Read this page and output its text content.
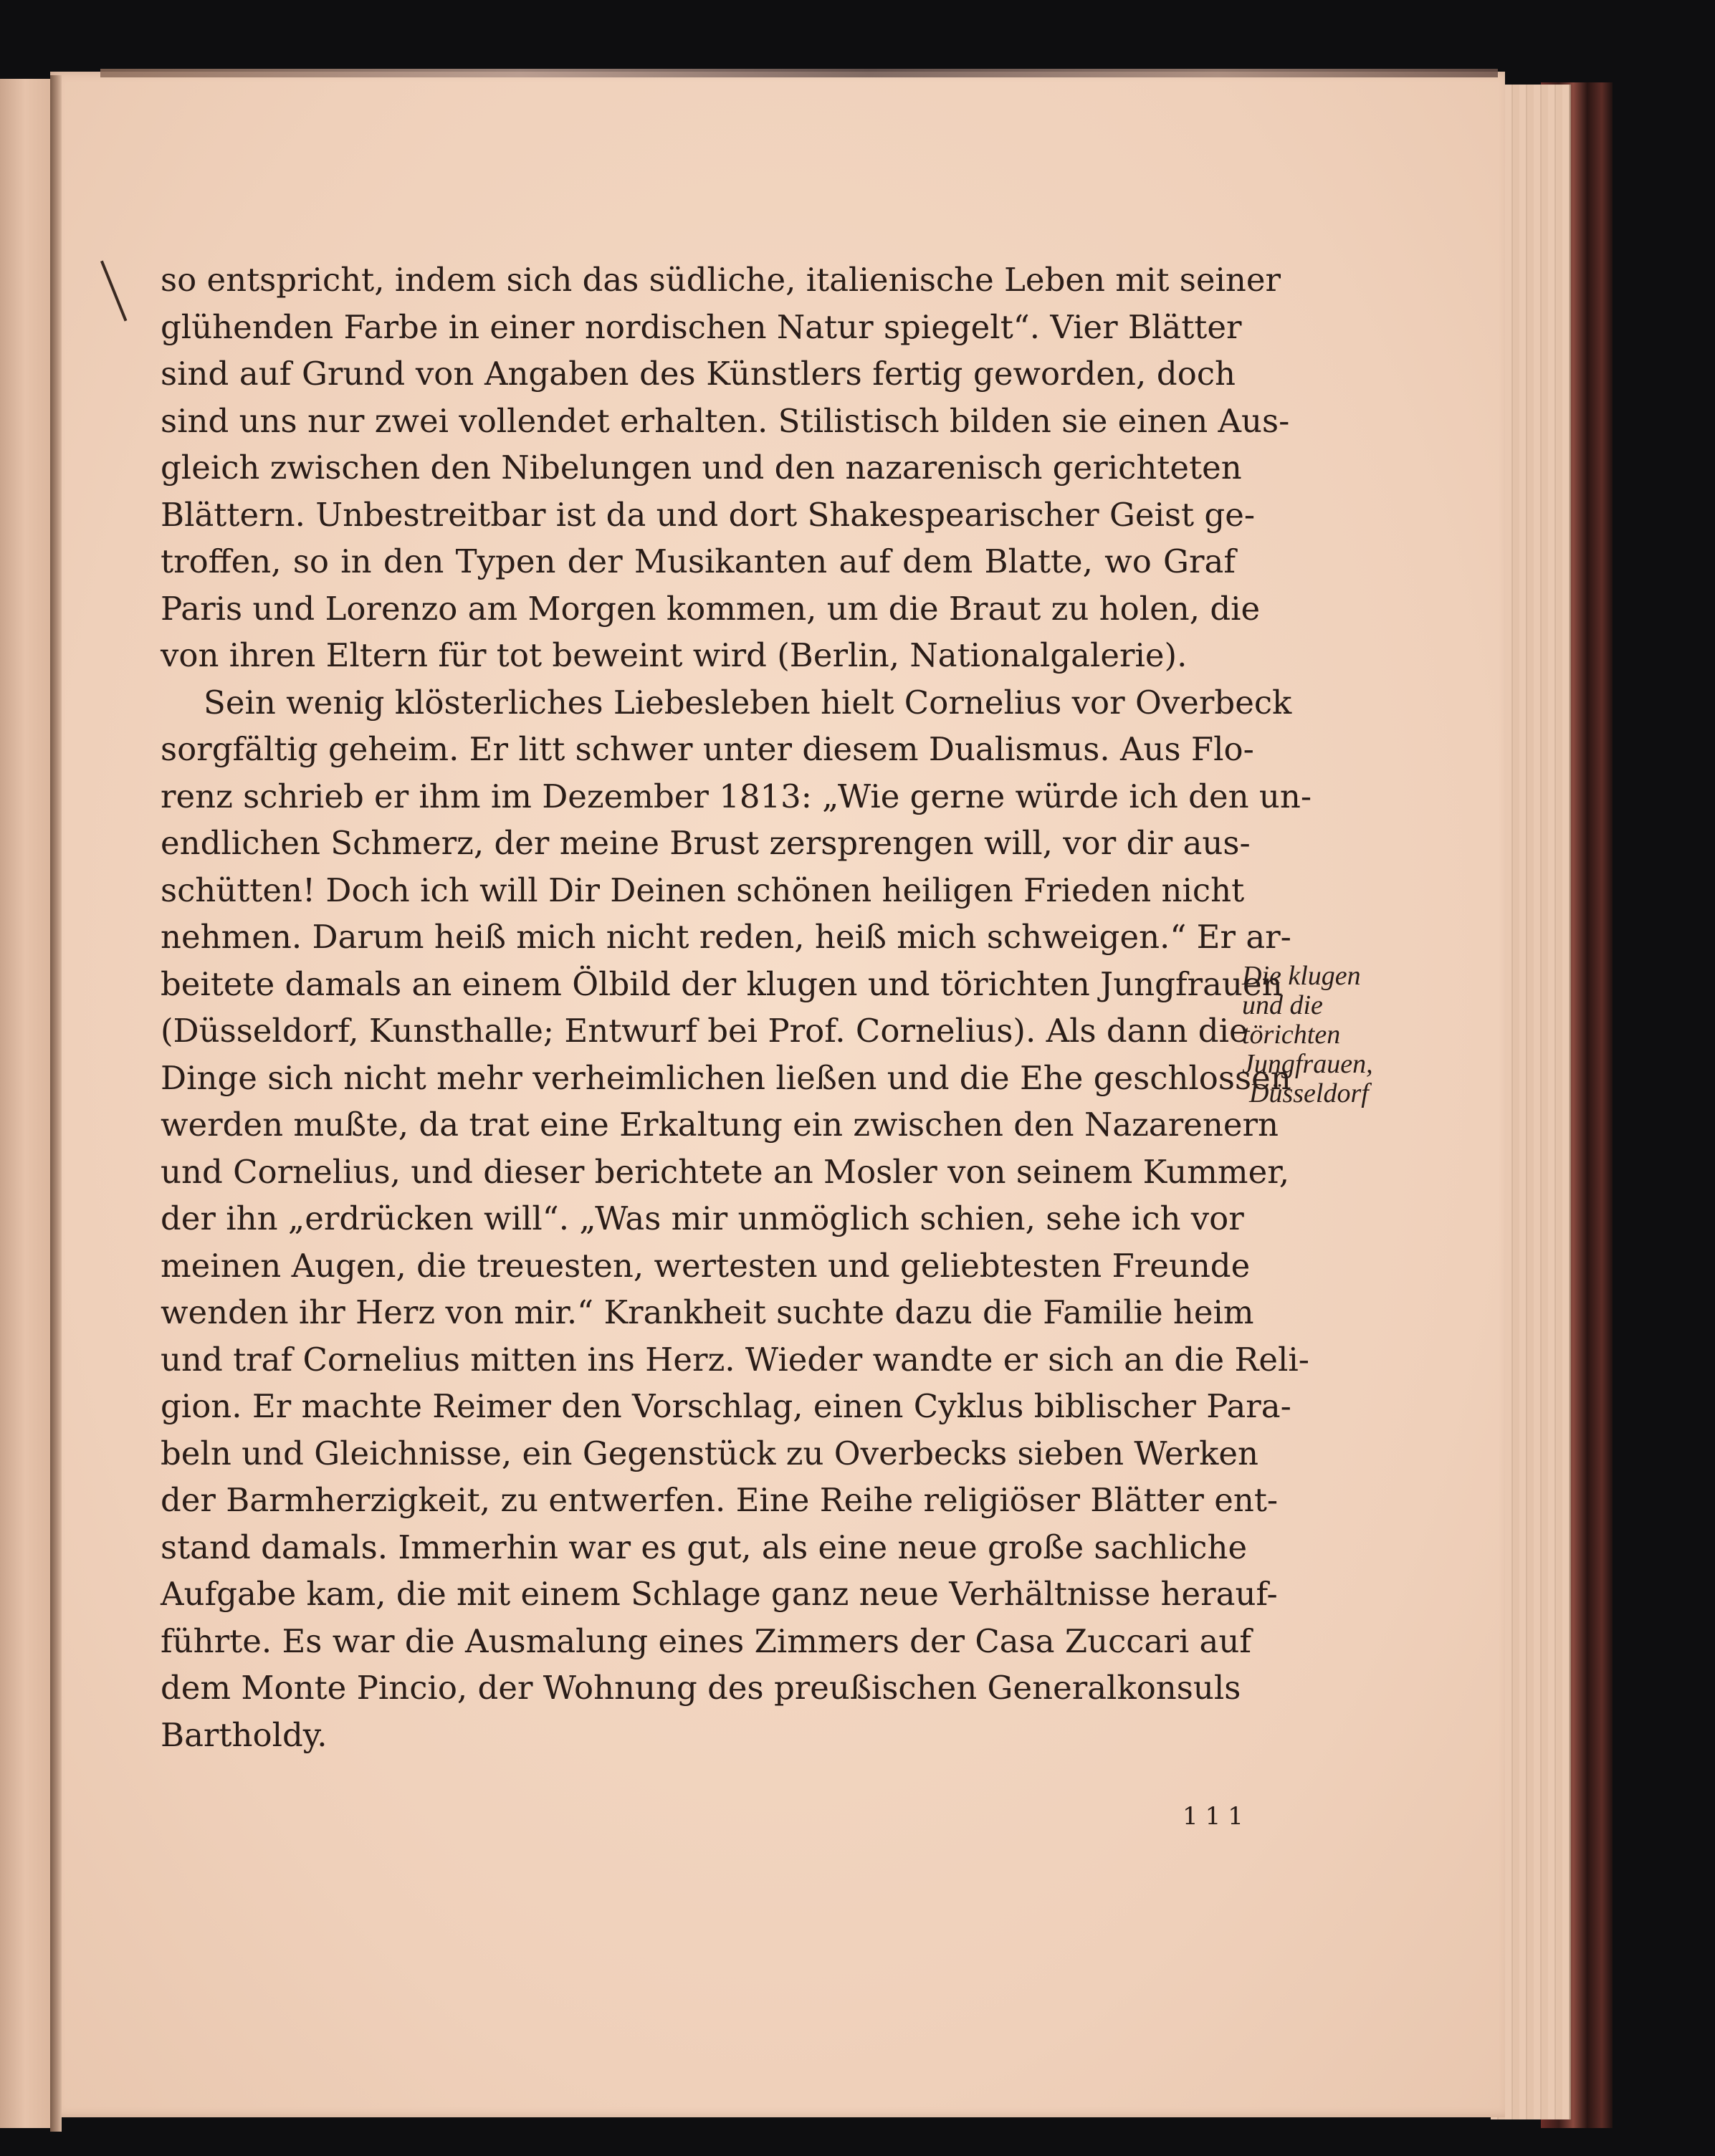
so entspricht, indem sich das südliche, italienische Leben mit seiner
glühenden Farbe in einer nordischen Natur spiegelt“. Vier Blätter
sind auf Grund von Angaben des Künstlers fertig geworden, doch
sind uns nur zwei vollendet erhalten. Stilistisch bilden sie einen Aus-
gleich zwischen den Nibelungen und den nazarenisch gerichteten
Blättern. Unbestreitbar ist da und dort Shakespearischer Geist ge-
troffen, so in den Typen der Musikanten auf dem Blatte, wo Graf
Paris und Lorenzo am Morgen kommen, um die Braut zu holen, die
von ihren Eltern für tot beweint wird (Berlin, Nationalgalerie).
Sein wenig klösterliches Liebesleben hielt Cornelius vor Overbeck
sorgfältig geheim. Er litt schwer unter diesem Dualismus. Aus Flo-
renz schrieb er ihm im Dezember 1813: „Wie gerne würde ich den un-
endlichen Schmerz, der meine Brust zersprengen will, vor dir aus-
schütten! Doch ich will Dir Deinen schönen heiligen Frieden nicht
nehmen. Darum heiß mich nicht reden, heiß mich schweigen.“ Er ar-
beitete damals an einem Ölbild der klugen und törichten Jungfrauen
(Düsseldorf, Kunsthalle; Entwurf bei Prof. Cornelius). Als dann die
Dinge sich nicht mehr verheimlichen ließen und die Ehe geschlossen
werden mußte, da trat eine Erkaltung ein zwischen den Nazarenern
und Cornelius, und dieser berichtete an Mosler von seinem Kummer,
der ihn „erdrücken will“. „Was mir unmöglich schien, sehe ich vor
meinen Augen, die treuesten, wertesten und geliebtesten Freunde
wenden ihr Herz von mir.“ Krankheit suchte dazu die Familie heim
und traf Cornelius mitten ins Herz. Wieder wandte er sich an die Reli-
gion. Er machte Reimer den Vorschlag, einen Cyklus biblischer Para-
beln und Gleichnisse, ein Gegenstück zu Overbecks sieben Werken
der Barmherzigkeit, zu entwerfen. Eine Reihe religiöser Blätter ent-
stand damals. Immerhin war es gut, als eine neue große sachliche
Aufgabe kam, die mit einem Schlage ganz neue Verhältnisse herauf-
führte. Es war die Ausmalung eines Zimmers der Casa Zuccari auf
dem Monte Pincio, der Wohnung des preußischen Generalkonsuls
Bartholdy.
Die klugen
und die
törichten
Jungfrauen,
Düsseldorf
111
